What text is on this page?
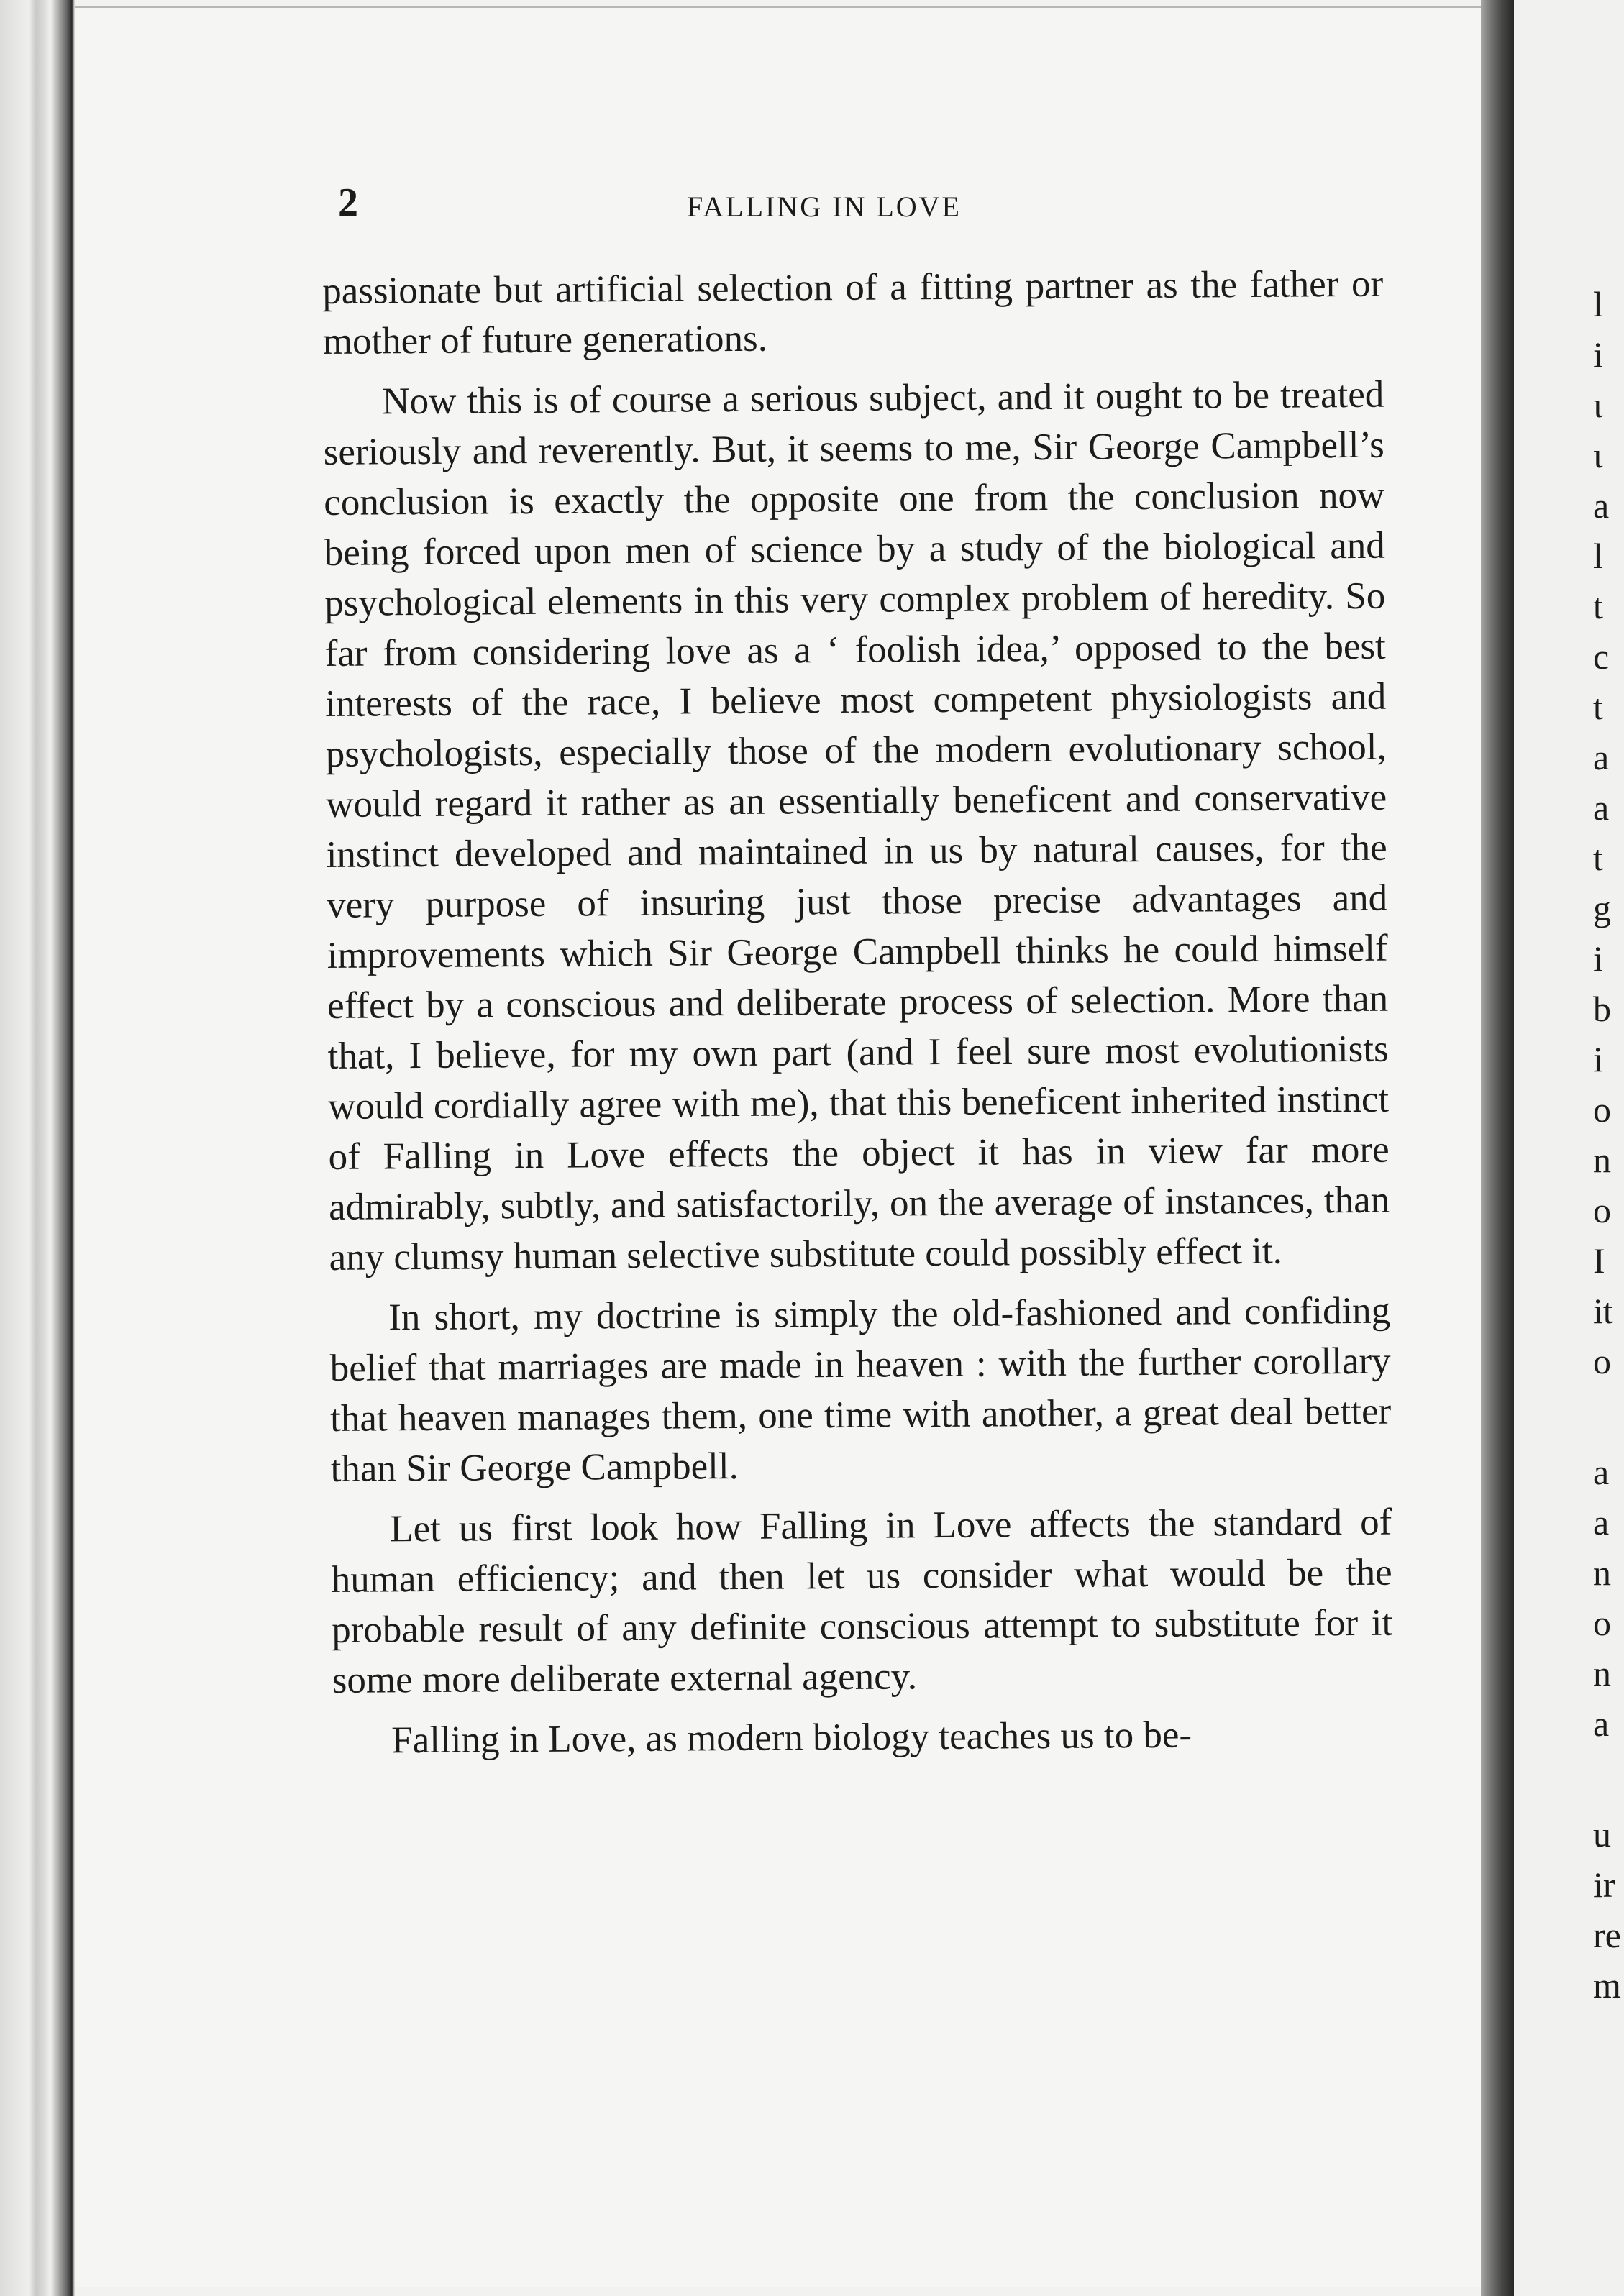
2	FALLING IN LOVE

passionate but artificial selection of a fitting partner as the father or mother of future generations.

Now this is of course a serious subject, and it ought to be treated seriously and reverently. But, it seems to me, Sir George Campbell’s conclusion is exactly the opposite one from the conclusion now being forced upon men of science by a study of the biological and psychological elements in this very complex problem of heredity. So far from considering love as a ‘ foolish idea,’ opposed to the best interests of the race, I believe most competent physiologists and psychologists, especially those of the modern evolutionary school, would regard it rather as an essentially beneficent and conservative instinct developed and maintained in us by natural causes, for the very purpose of insuring just those precise advantages and improvements which Sir George Campbell thinks he could himself effect by a conscious and deliberate process of selection. More than that, I believe, for my own part (and I feel sure most evolutionists would cordially agree with me), that this beneficent inherited instinct of Falling in Love effects the object it has in view far more admirably, subtly, and satisfactorily, on the average of instances, than any clumsy human selective substitute could possibly effect it.

In short, my doctrine is simply the old-fashioned and confiding belief that marriages are made in heaven : with the further corollary that heaven manages them, one time with another, a great deal better than Sir George Campbell.

Let us first look how Falling in Love affects the standard of human efficiency; and then let us consider what would be the probable result of any definite conscious attempt to substitute for it some more deliberate external agency.

Falling in Love, as modern biology teaches us to be-

l
i
ι
ι
a
l
t
c
t
a
a
t
g
i
b
i
o
n
o
I
it
o
a
a
n
o
n
a
u
ir
re
m
